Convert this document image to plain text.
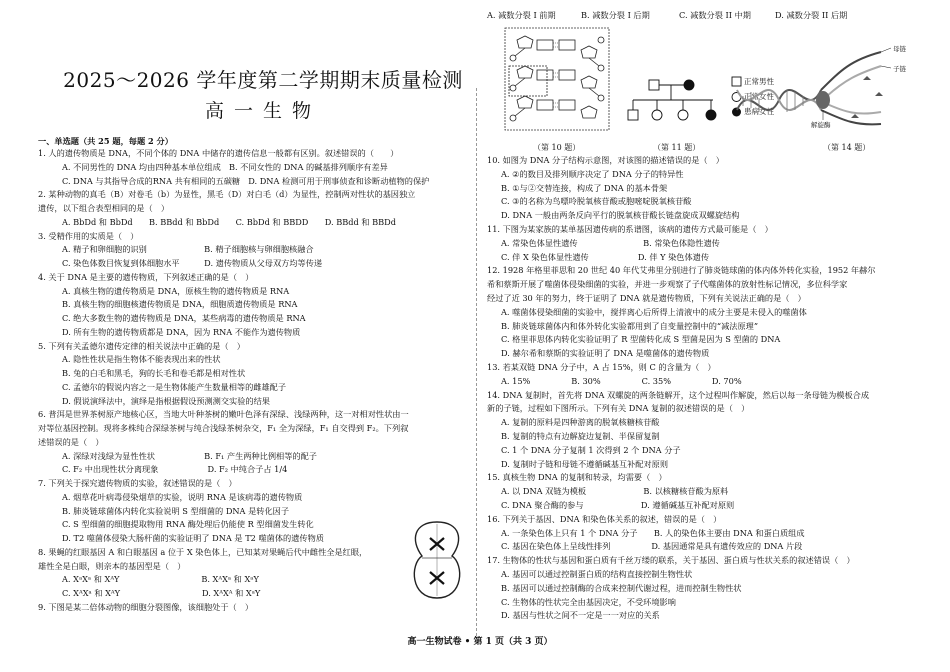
2025～2026 学年度第二学期期末质量检测
高一生物
一、单选题（共 25 题，每题 2 分）
1. 人的遗传物质是 DNA，不同个体的 DNA 中储存的遗传信息一般都有区别。叙述错误的（　　）
A. 不同男性的 DNA 均由四种基本单位组成　B. 不同女性的 DNA 的碱基排列顺序有差异
C. DNA 与其指导合成的RNA 共有相同的五碳糖　D. DNA 检测可用于刑事侦查和诊断动植物的保护
2. 某种动物的真毛（B）对卷毛（b）为显性，黑毛（D）对白毛（d）为显性，控制两对性状的基因独立
遗传，以下组合表型相同的是（　）
A. BbDd 和 BbDd　　B. BBdd 和 BbDd　　C. BbDd 和 BBDD　　D. BBdd 和 BBDd
3. 受精作用的实质是（　）
A. 精子和卵细胞的识别　　　　　　　B. 精子细胞核与卵细胞核融合
C. 染色体数目恢复到体细胞水平　　　D. 遗传物质从父母双方均等传递
4. 关于 DNA 是主要的遗传物质，下列叙述正确的是（　）
A. 真核生物的遗传物质是 DNA，原核生物的遗传物质是 RNA
B. 真核生物的细胞核遗传物质是 DNA，细胞质遗传物质是 RNA
C. 绝大多数生物的遗传物质是 DNA，某些病毒的遗传物质是 RNA
D. 所有生物的遗传物质都是 DNA，因为 RNA 不能作为遗传物质
5. 下列有关孟德尔遗传定律的相关说法中正确的是（　）
A. 隐性性状是指生物体不能表现出来的性状
B. 兔的白毛和黑毛，狗的长毛和卷毛都是相对性状
C. 孟德尔的假说内容之一是生物体能产生数量相等的雌雄配子
D. 假说演绎法中，演绎是指根据假设预测测交实验的结果
6. 普洱是世界茶树原产地核心区，当地大叶种茶树的嫩叶色泽有深绿、浅绿两种，这一对相对性状由一
对等位基因控制。现将多株纯合深绿茶树与纯合浅绿茶树杂交，F₁ 全为深绿，F₁ 自交得到 F₂。下列叙
述错误的是（　）
A. 深绿对浅绿为显性性状　　　　　　B. F₁ 产生两种比例相等的配子
C. F₂ 中出现性状分离现象　　　　　　D. F₂ 中纯合子占 1/4
7. 下列关于探究遗传物质的实验，叙述错误的是（　）
A. 烟草花叶病毒侵染烟草的实验，说明 RNA 是该病毒的遗传物质
B. 肺炎链球菌体内转化实验说明 S 型细菌的 DNA 是转化因子
C. S 型细菌的细胞提取物用 RNA 酶处理后仍能使 R 型细菌发生转化
D. T2 噬菌体侵染大肠杆菌的实验证明了 DNA 是 T2 噬菌体的遗传物质
8. 果蝇的红眼基因 A 和白眼基因 a 位于 X 染色体上，已知某对果蝇后代中雌性全是红眼，
雄性全是白眼，则亲本的基因型是（　）
A. XᵃXᵃ 和 XᴬY　　　　　　　　　　B. XᴬXᵃ 和 XᵃY
C. XᴬXᵃ 和 XᴬY　　　　　　　　　　D. XᴬXᴬ 和 XᵃY
9. 下图是某二倍体动物的细胞分裂图像，该细胞处于（　）
A. 减数分裂 I 前期	B. 减数分裂 I 后期	C. 减数分裂 II 中期	D. 减数分裂 II 后期
（第 10 题）
正常男性
正常女性
患病女性
（第 11 题）
母链
子链
解旋酶
（第 14 题）
10. 如图为 DNA 分子结构示意图，对该图的描述错误的是（　）
A. ②的数目及排列顺序决定了 DNA 分子的特异性
B. ①与②交替连接，构成了 DNA 的基本骨架
C. ③的名称为鸟嘌呤脱氧核苷酸或胞嘧啶脱氧核苷酸
D. DNA 一般由两条反向平行的脱氧核苷酸长链盘旋成双螺旋结构
11. 下图为某家族的某单基因遗传病的系谱图，该病的遗传方式最可能是（　）
A. 常染色体显性遗传　　　　　　　　B. 常染色体隐性遗传
C. 伴 X 染色体显性遗传　　　　　　D. 伴 Y 染色体遗传
12. 1928 年格里菲思和 20 世纪 40 年代艾弗里分别进行了肺炎链球菌的体内体外转化实验，1952 年赫尔
希和蔡斯开展了噬菌体侵染细菌的实验，并进一步观察了子代噬菌体的放射性标记情况，多位科学家
经过了近 30 年的努力，终于证明了 DNA 就是遗传物质，下列有关说法正确的是（　）
A. 噬菌体侵染细菌的实验中，搅拌离心后所得上清液中的成分主要是未侵入的噬菌体
B. 肺炎链球菌体内和体外转化实验都用到了自变量控制中的“减法原理”
C. 格里菲思体内转化实验证明了 R 型菌转化成 S 型菌是因为 S 型菌的 DNA
D. 赫尔希和蔡斯的实验证明了 DNA 是噬菌体的遗传物质
13. 若某双链 DNA 分子中，A 占 15%，则 C 的含量为（　）
A. 15%　　　　　B. 30%　　　　　C. 35%　　　　　D. 70%
14. DNA 复制时，首先将 DNA 双螺旋的两条链解开，这个过程叫作解旋，然后以每一条母链为模板合成
新的子链，过程如下图所示。下列有关 DNA 复制的叙述错误的是（　）
A. 复制的原料是四种游离的脱氧核糖核苷酸
B. 复制的特点有边解旋边复制、半保留复制
C. 1 个 DNA 分子复制 1 次得到 2 个 DNA 分子
D. 复制时子链和母链不遵循碱基互补配对原则
15. 真核生物 DNA 的复制和转录，均需要（　）
A. 以 DNA 双链为模板　　　　　　　B. 以核糖核苷酸为原料
C. DNA 聚合酶的参与　　　　　　　D. 遵循碱基互补配对原则
16. 下列关于基因、DNA 和染色体关系的叙述，错误的是（　）
A. 一条染色体上只有 1 个 DNA 分子　　B. 人的染色体主要由 DNA 和蛋白质组成
C. 基因在染色体上呈线性排列　　　　　D. 基因通常是具有遗传效应的 DNA 片段
17. 生物体的性状与基因和蛋白质有千丝万缕的联系，关于基因、蛋白质与性状关系的叙述错误（　）
A. 基因可以通过控制蛋白质的结构直接控制生物性状
B. 基因可以通过控制酶的合成来控制代谢过程，进而控制生物性状
C. 生物体的性状完全由基因决定，不受环境影响
D. 基因与性状之间不一定是一一对应的关系
高一生物试卷 • 第 1 页（共 3 页）
